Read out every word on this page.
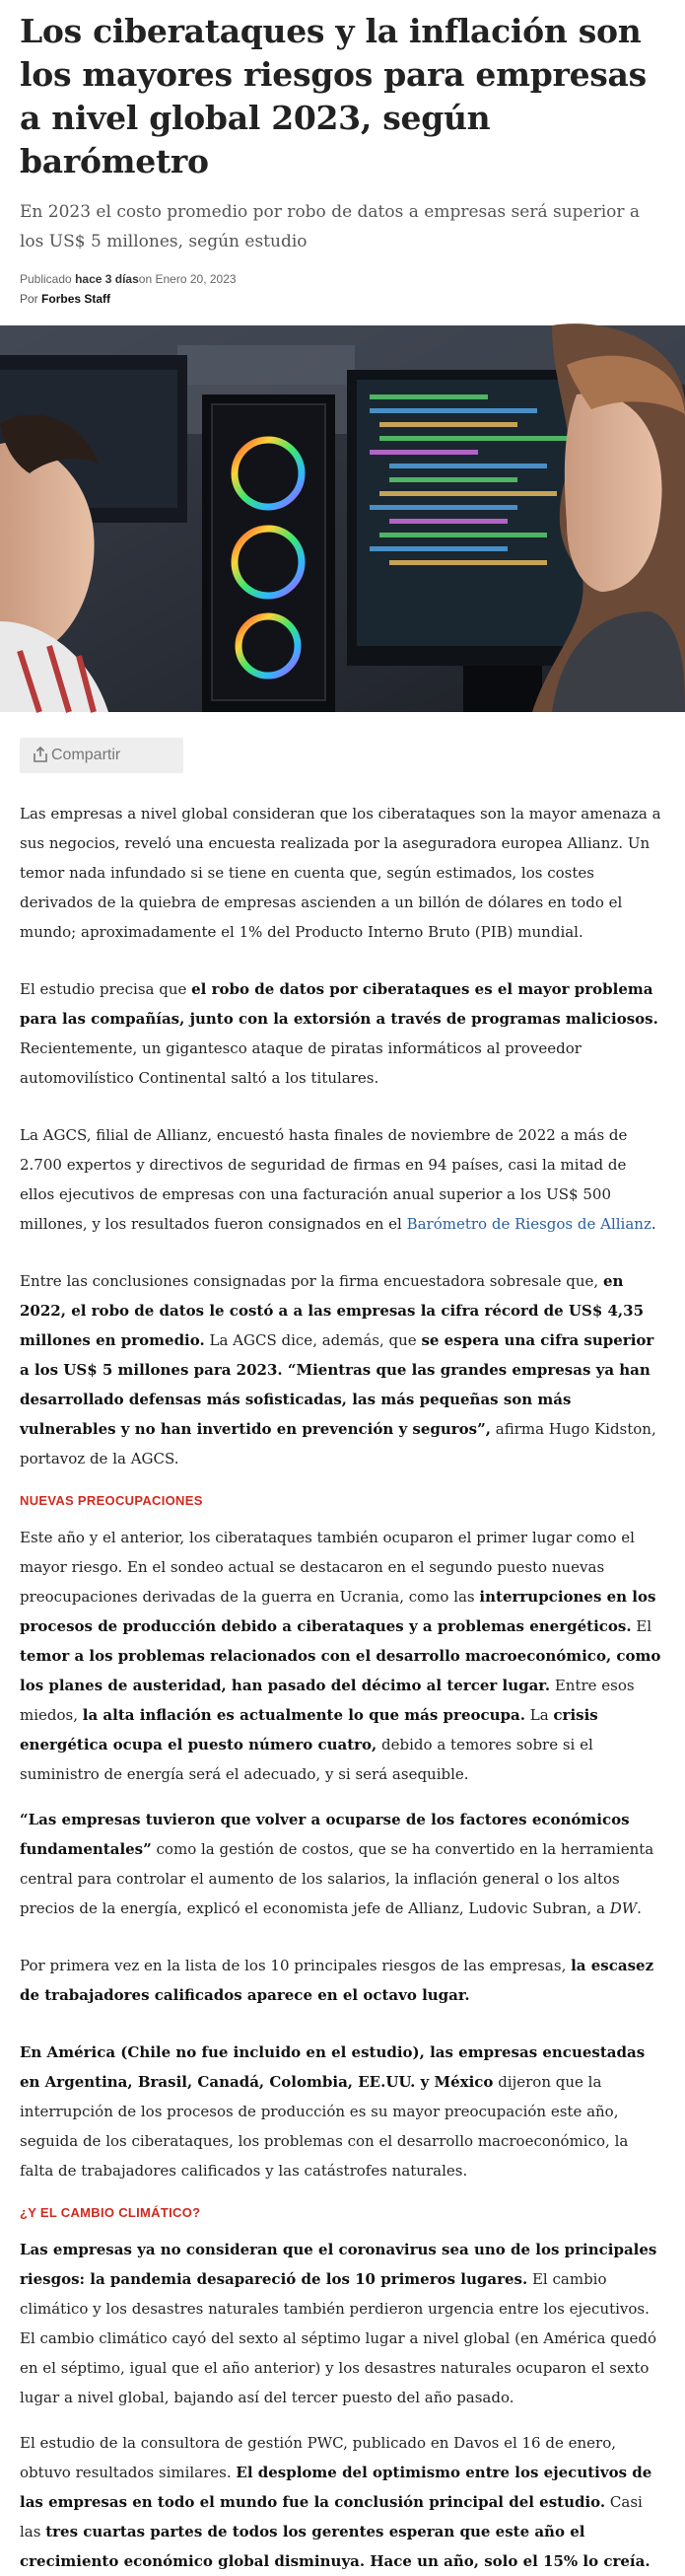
Los ciberataques y la inflación son los mayores riesgos para empresas a nivel global 2023, según barómetro
En 2023 el costo promedio por robo de datos a empresas será superior a los US$ 5 millones, según estudio
Publicado hace 3 díason Enero 20, 2023
Por Forbes Staff
Compartir

Las empresas a nivel global consideran que los ciberataques son la mayor amenaza a sus negocios, reveló una encuesta realizada por la aseguradora europea Allianz. Un temor nada infundado si se tiene en cuenta que, según estimados, los costes derivados de la quiebra de empresas ascienden a un billón de dólares en todo el mundo; aproximadamente el 1% del Producto Interno Bruto (PIB) mundial.

El estudio precisa que el robo de datos por ciberataques es el mayor problema para las compañías, junto con la extorsión a través de programas maliciosos. Recientemente, un gigantesco ataque de piratas informáticos al proveedor automovilístico Continental saltó a los titulares.

La AGCS, filial de Allianz, encuestó hasta finales de noviembre de 2022 a más de 2.700 expertos y directivos de seguridad de firmas en 94 países, casi la mitad de ellos ejecutivos de empresas con una facturación anual superior a los US$ 500 millones, y los resultados fueron consignados en el Barómetro de Riesgos de Allianz.

Entre las conclusiones consignadas por la firma encuestadora sobresale que, en 2022, el robo de datos le costó a a las empresas la cifra récord de US$ 4,35 millones en promedio. La AGCS dice, además, que se espera una cifra superior a los US$ 5 millones para 2023. “Mientras que las grandes empresas ya han desarrollado defensas más sofisticadas, las más pequeñas son más vulnerables y no han invertido en prevención y seguros”, afirma Hugo Kidston, portavoz de la AGCS.

NUEVAS PREOCUPACIONES

Este año y el anterior, los ciberataques también ocuparon el primer lugar como el mayor riesgo. En el sondeo actual se destacaron en el segundo puesto nuevas preocupaciones derivadas de la guerra en Ucrania, como las interrupciones en los procesos de producción debido a ciberataques y a problemas energéticos. El temor a los problemas relacionados con el desarrollo macroeconómico, como los planes de austeridad, han pasado del décimo al tercer lugar. Entre esos miedos, la alta inflación es actualmente lo que más preocupa. La crisis energética ocupa el puesto número cuatro, debido a temores sobre si el suministro de energía será el adecuado, y si será asequible.

“Las empresas tuvieron que volver a ocuparse de los factores económicos fundamentales” como la gestión de costos, que se ha convertido en la herramienta central para controlar el aumento de los salarios, la inflación general o los altos precios de la energía, explicó el economista jefe de Allianz, Ludovic Subran, a DW.

Por primera vez en la lista de los 10 principales riesgos de las empresas, la escasez de trabajadores calificados aparece en el octavo lugar.

En América (Chile no fue incluido en el estudio), las empresas encuestadas en Argentina, Brasil, Canadá, Colombia, EE.UU. y México dijeron que la interrupción de los procesos de producción es su mayor preocupación este año, seguida de los ciberataques, los problemas con el desarrollo macroeconómico, la falta de trabajadores calificados y las catástrofes naturales.

¿Y EL CAMBIO CLIMÁTICO?

Las empresas ya no consideran que el coronavirus sea uno de los principales riesgos: la pandemia desapareció de los 10 primeros lugares. El cambio climático y los desastres naturales también perdieron urgencia entre los ejecutivos. El cambio climático cayó del sexto al séptimo lugar a nivel global (en América quedó en el séptimo, igual que el año anterior) y los desastres naturales ocuparon el sexto lugar a nivel global, bajando así del tercer puesto del año pasado.

El estudio de la consultora de gestión PWC, publicado en Davos el 16 de enero, obtuvo resultados similares. El desplome del optimismo entre los ejecutivos de las empresas en todo el mundo fue la conclusión principal del estudio. Casi las tres cuartas partes de todos los gerentes esperan que este año el crecimiento económico global disminuya. Hace un año, solo el 15% lo creía.
